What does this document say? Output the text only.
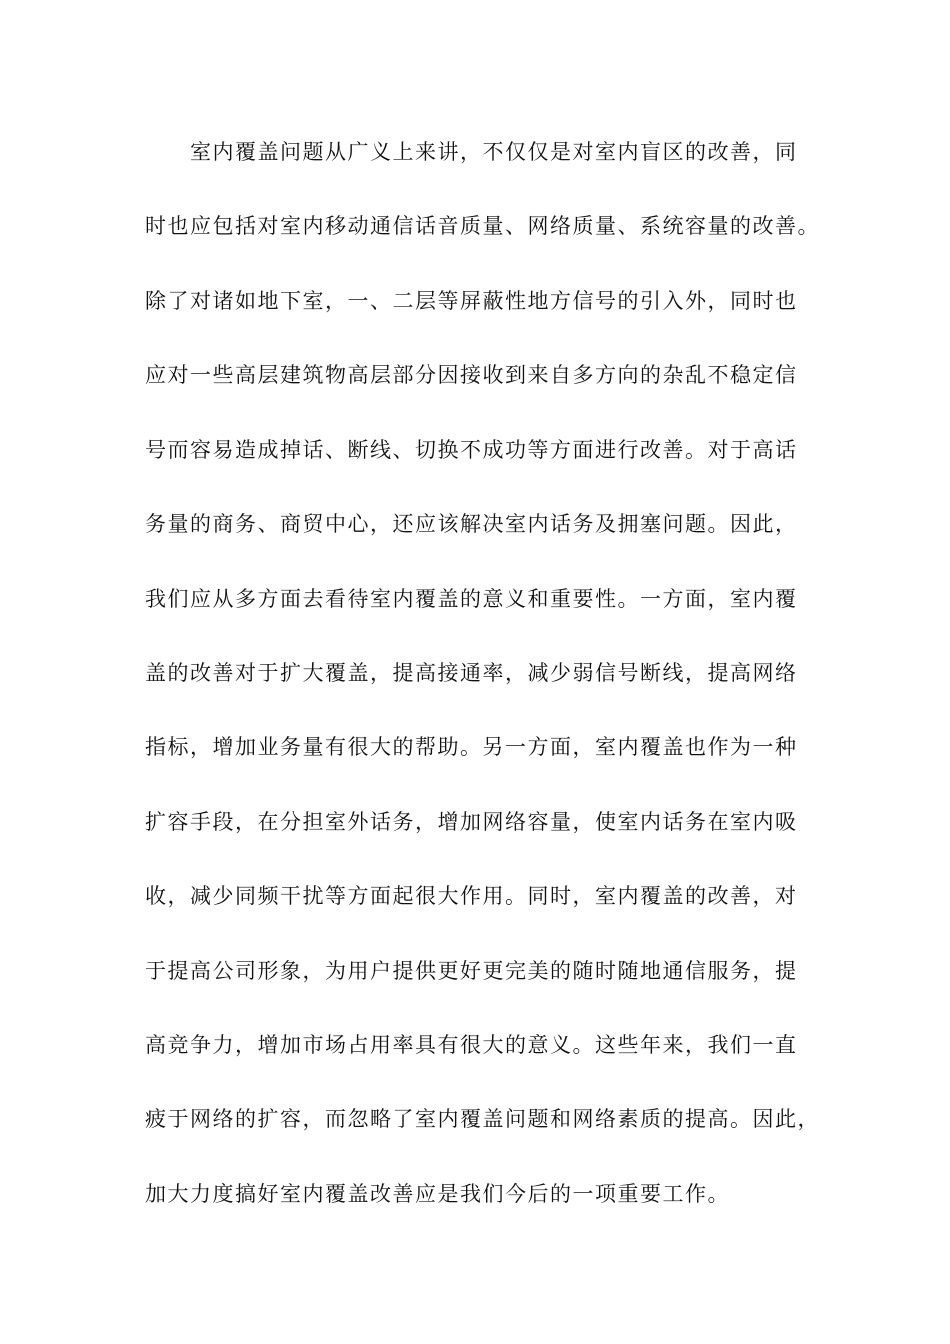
室内覆盖问题从广义上来讲，不仅仅是对室内盲区的改善，同
时也应包括对室内移动通信话音质量、网络质量、系统容量的改善。
除了对诸如地下室，一、二层等屏蔽性地方信号的引入外，同时也
应对一些高层建筑物高层部分因接收到来自多方向的杂乱不稳定信
号而容易造成掉话、断线、切换不成功等方面进行改善。对于高话
务量的商务、商贸中心，还应该解决室内话务及拥塞问题。因此，
我们应从多方面去看待室内覆盖的意义和重要性。一方面，室内覆
盖的改善对于扩大覆盖，提高接通率，减少弱信号断线，提高网络
指标，增加业务量有很大的帮助。另一方面，室内覆盖也作为一种
扩容手段，在分担室外话务，增加网络容量，使室内话务在室内吸
收，减少同频干扰等方面起很大作用。同时，室内覆盖的改善，对
于提高公司形象，为用户提供更好更完美的随时随地通信服务，提
高竞争力，增加市场占用率具有很大的意义。这些年来，我们一直
疲于网络的扩容，而忽略了室内覆盖问题和网络素质的提高。因此，
加大力度搞好室内覆盖改善应是我们今后的一项重要工作。
